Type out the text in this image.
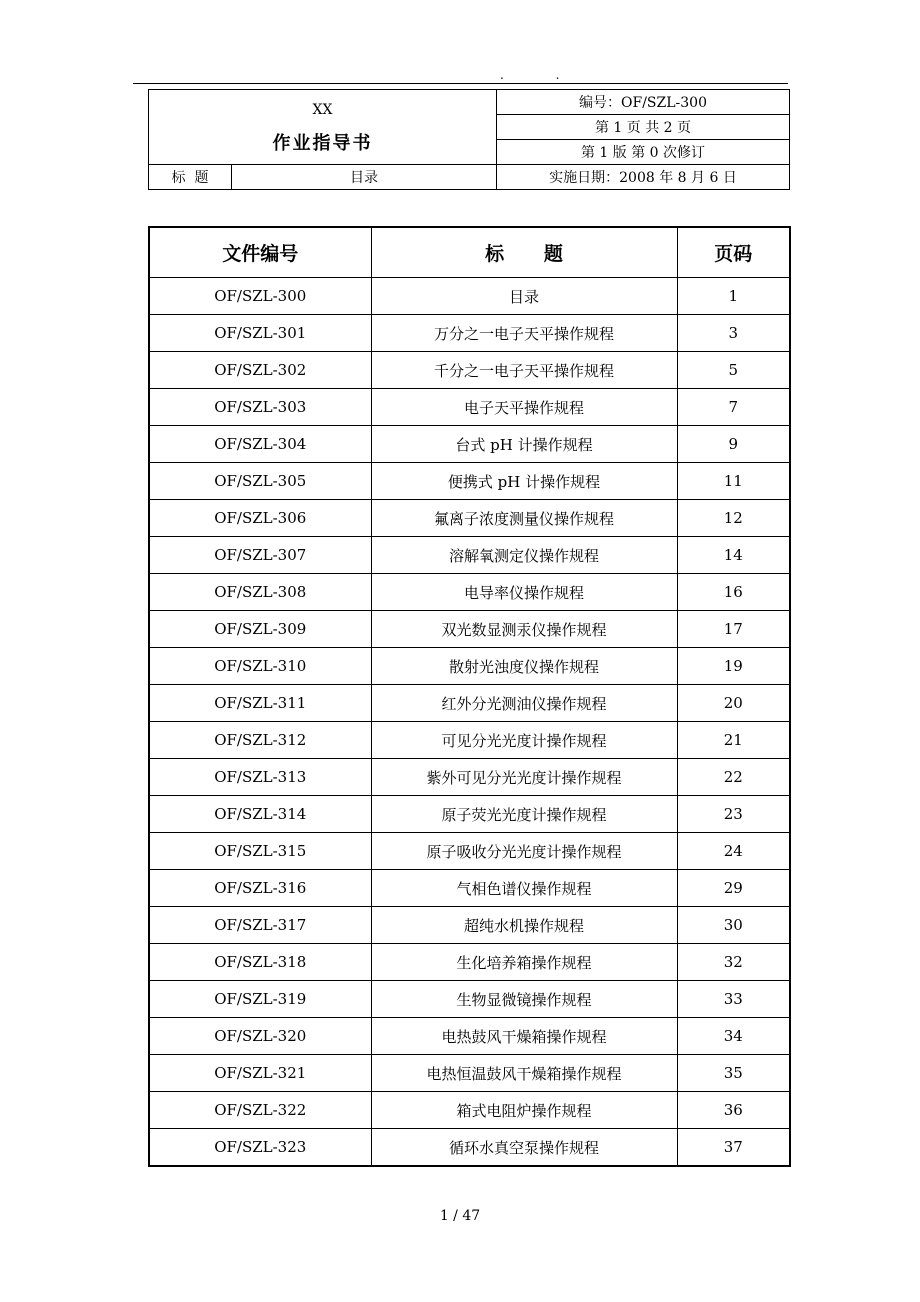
. .
XX
作业指导书		编号：OF/SZL-300
		第 1 页 共 2 页
		第 1 版 第 0 次修订
标  题	目录	实施日期：2008 年 8 月 6 日
文件编号	标      题	页码
OF/SZL-300	目录	1
OF/SZL-301	万分之一电子天平操作规程	3
OF/SZL-302	千分之一电子天平操作规程	5
OF/SZL-303	电子天平操作规程	7
OF/SZL-304	台式 pH 计操作规程	9
OF/SZL-305	便携式 pH 计操作规程	11
OF/SZL-306	氟离子浓度测量仪操作规程	12
OF/SZL-307	溶解氧测定仪操作规程	14
OF/SZL-308	电导率仪操作规程	16
OF/SZL-309	双光数显测汞仪操作规程	17
OF/SZL-310	散射光浊度仪操作规程	19
OF/SZL-311	红外分光测油仪操作规程	20
OF/SZL-312	可见分光光度计操作规程	21
OF/SZL-313	紫外可见分光光度计操作规程	22
OF/SZL-314	原子荧光光度计操作规程	23
OF/SZL-315	原子吸收分光光度计操作规程	24
OF/SZL-316	气相色谱仪操作规程	29
OF/SZL-317	超纯水机操作规程	30
OF/SZL-318	生化培养箱操作规程	32
OF/SZL-319	生物显微镜操作规程	33
OF/SZL-320	电热鼓风干燥箱操作规程	34
OF/SZL-321	电热恒温鼓风干燥箱操作规程	35
OF/SZL-322	箱式电阻炉操作规程	36
OF/SZL-323	循环水真空泵操作规程	37
1 / 47
